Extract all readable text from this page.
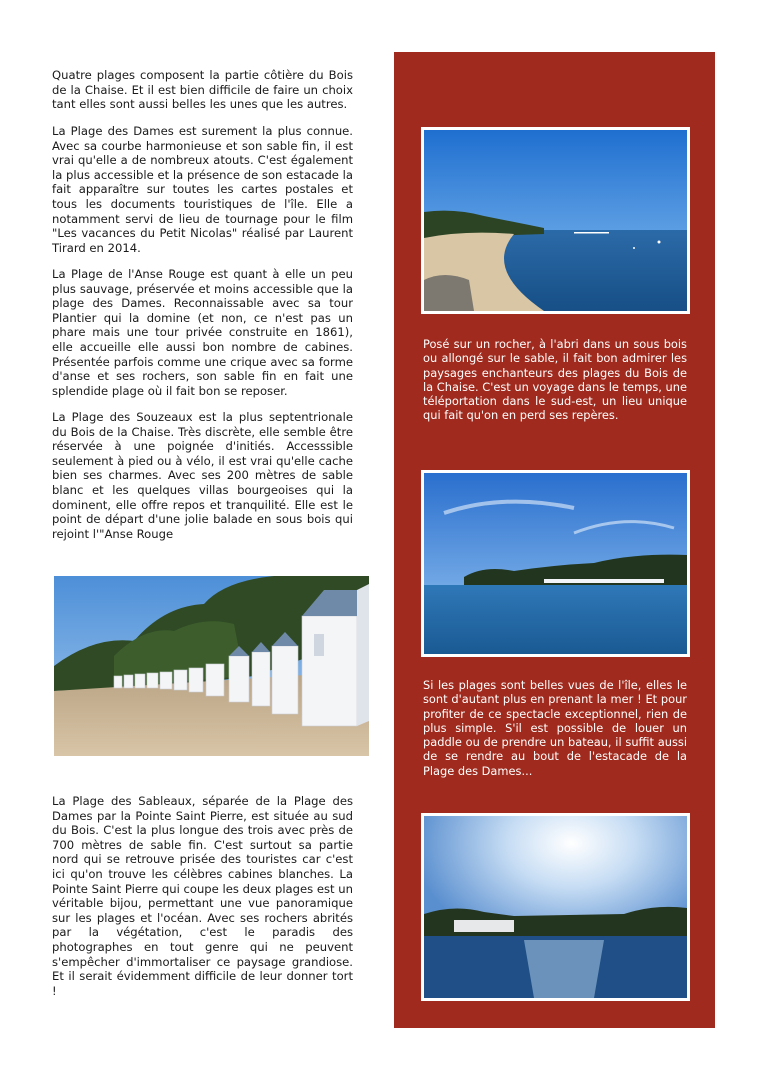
Quatre plages composent la partie côtière du Bois de la Chaise. Et il est bien difficile de faire un choix tant elles sont aussi belles les unes que les autres.

La Plage des Dames est surement la plus connue. Avec sa courbe harmonieuse et son sable fin, il est vrai qu'elle a de nombreux atouts. C'est également la plus accessible et la présence de son estacade la fait apparaître sur toutes les cartes postales et tous les documents touristiques de l'île. Elle a notamment servi de lieu de tournage pour le film "Les vacances du Petit Nicolas" réalisé par Laurent Tirard en 2014.

La Plage de l'Anse Rouge est quant à elle un peu plus sauvage, préservée et moins accessible que la plage des Dames. Reconnaissable avec sa tour Plantier qui la domine (et non, ce n'est pas un phare mais une tour privée construite en 1861), elle accueille elle aussi bon nombre de cabines. Présentée parfois comme une crique avec sa forme d'anse et ses rochers, son sable fin en fait une splendide plage où il fait bon se reposer.

La Plage des Souzeaux est la plus septentrionale du Bois de la Chaise. Très discrète, elle semble être réservée à une poignée d'initiés. Accesssible seulement à pied ou à vélo, il est vrai qu'elle cache bien ses charmes. Avec ses 200 mètres de sable blanc et les quelques villas bourgeoises qui la dominent, elle offre repos et tranquilité. Elle est le point de départ d'une jolie balade en sous bois qui rejoint l'"Anse Rouge

La Plage des Sableaux, séparée de la Plage des Dames par la Pointe Saint Pierre, est située au sud du Bois. C'est la plus longue des trois avec près de 700 mètres de sable fin. C'est surtout sa partie nord qui se retrouve prisée des touristes car c'est ici qu'on trouve les célèbres cabines blanches. La Pointe Saint Pierre qui coupe les deux plages est un véritable bijou, permettant une vue panoramique sur les plages et l'océan. Avec ses rochers abrités par la végétation, c'est le paradis des photographes en tout genre qui ne peuvent s'empêcher d'immortaliser ce paysage grandiose. Et il serait évidemment difficile de leur donner tort !

Posé sur un rocher, à l'abri dans un sous bois ou allongé sur le sable, il fait bon admirer les paysages enchanteurs des plages du Bois de la Chaise. C'est un voyage dans le temps, une téléportation dans le sud-est, un lieu unique qui fait qu'on en perd ses repères.

Si les plages sont belles vues de l'île, elles le sont d'autant plus en prenant la mer ! Et pour profiter de ce spectacle exceptionnel, rien de plus simple. S'il est possible de louer un paddle ou de prendre un bateau, il suffit aussi de se rendre au bout de l'estacade de la Plage des Dames...
